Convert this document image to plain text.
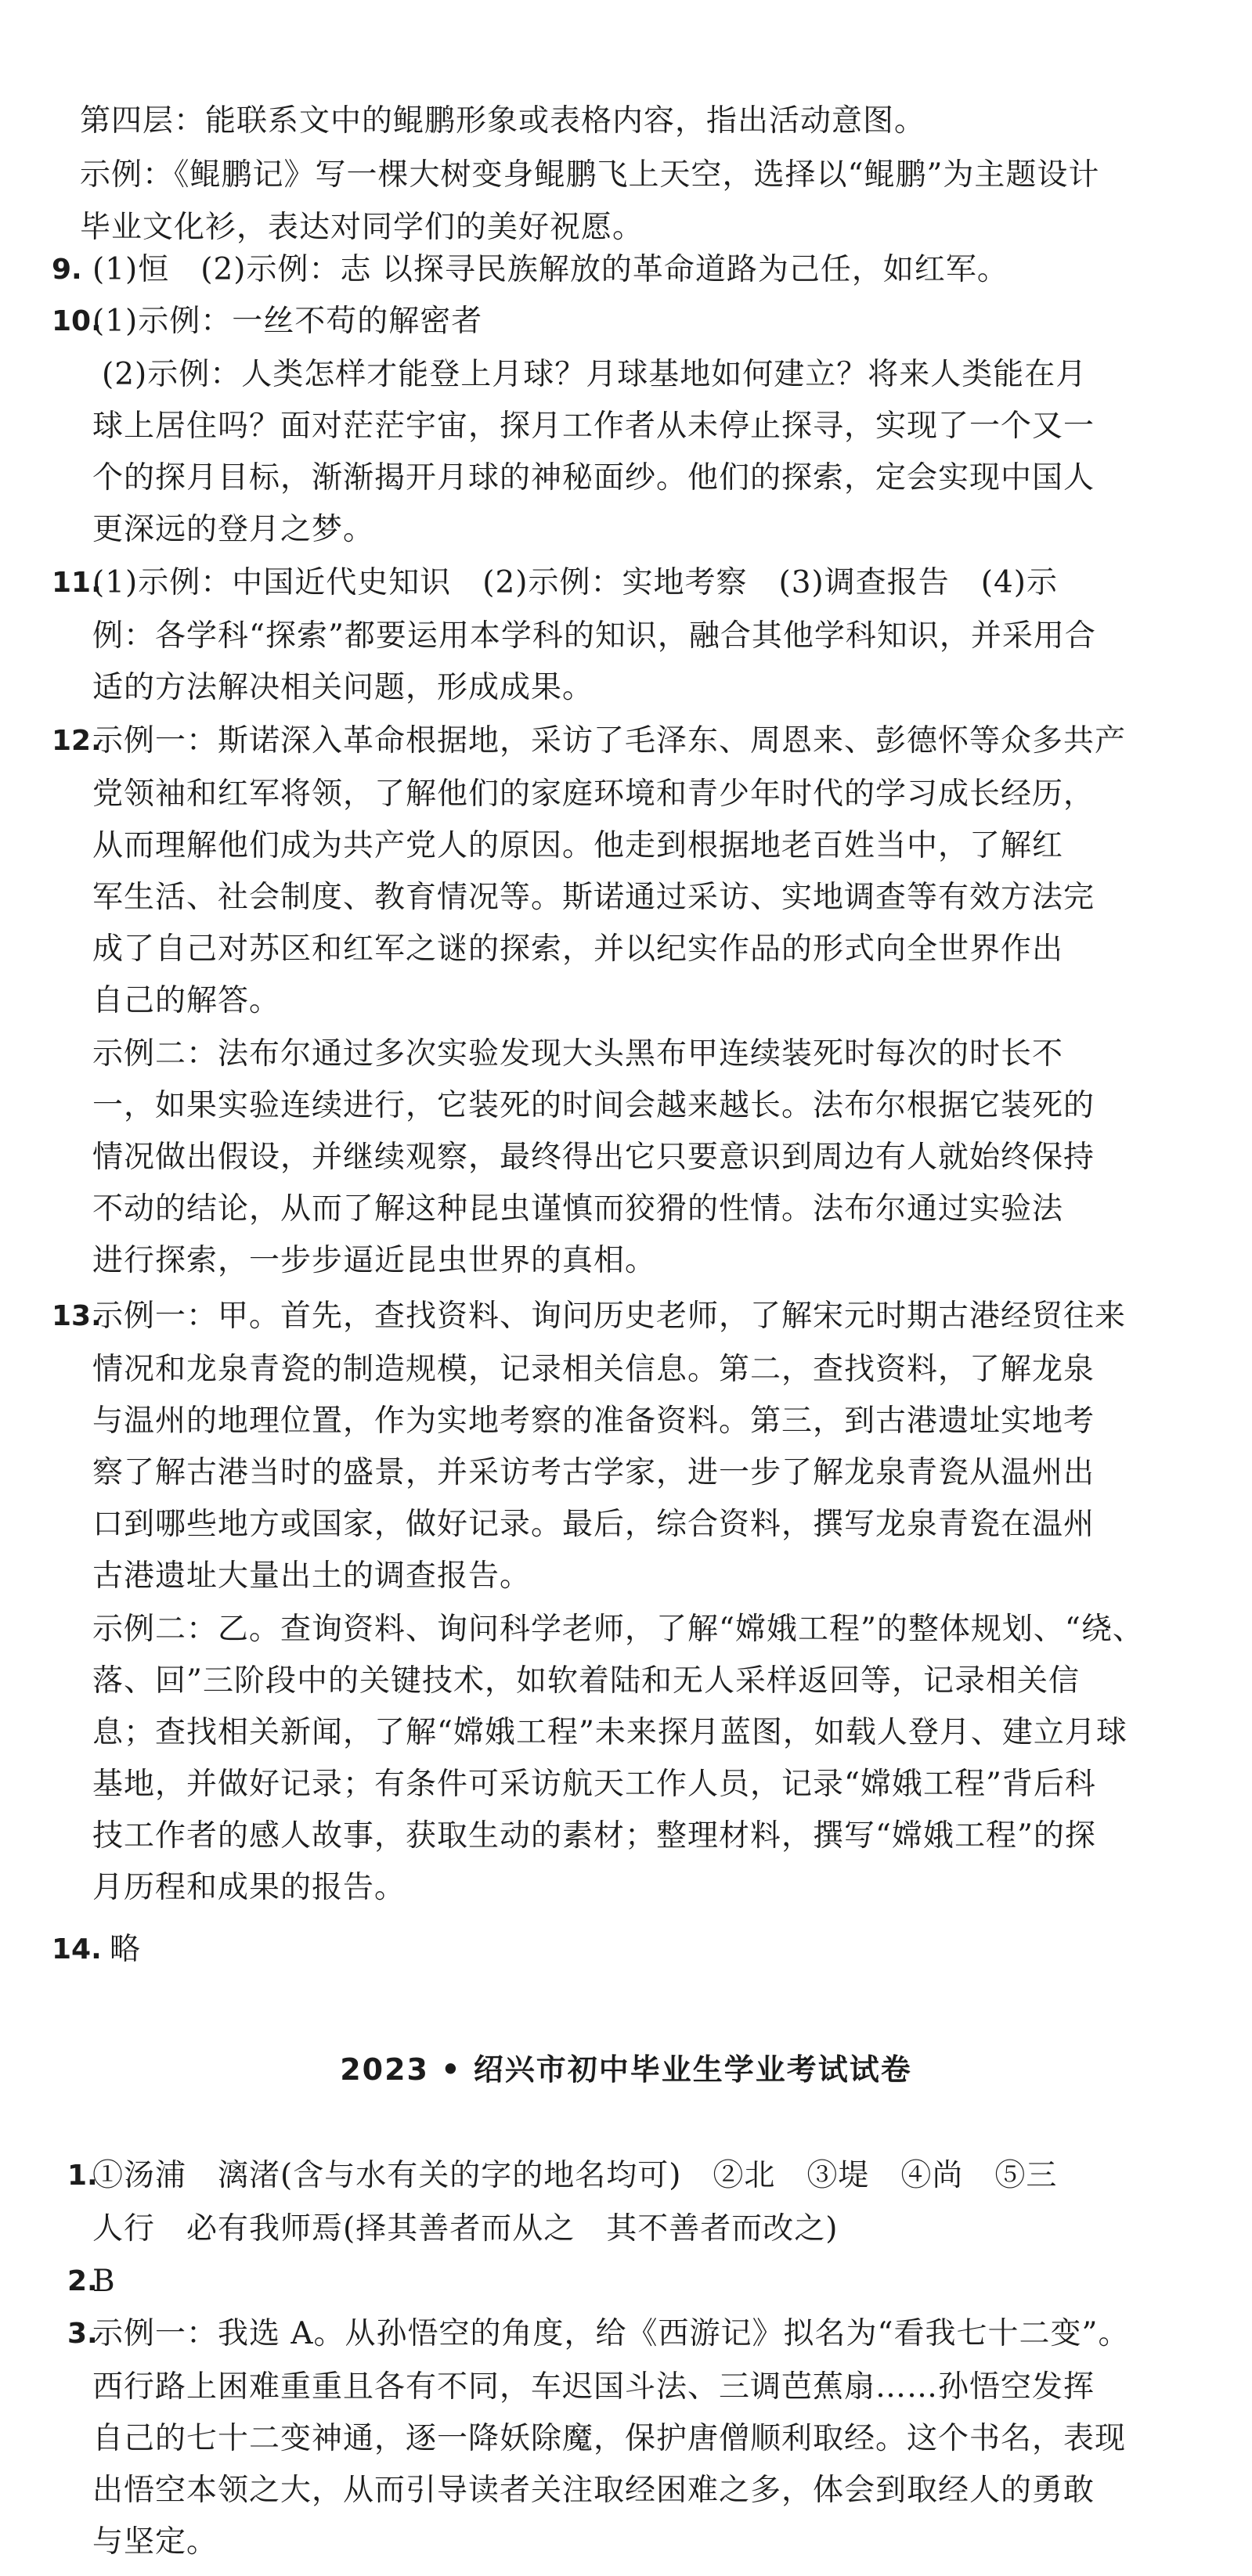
第四层：能联系文中的鲲鹏形象或表格内容，指出活动意图。
示例：《鲲鹏记》写一棵大树变身鲲鹏飞上天空，选择以“鲲鹏”为主题设计
毕业文化衫，表达对同学们的美好祝愿。
9. (1)恒　(2)示例：志 以探寻民族解放的革命道路为己任，如红军。
10.
(1)示例：一丝不苟的解密者
(2)示例：人类怎样才能登上月球？月球基地如何建立？将来人类能在月
球上居住吗？面对茫茫宇宙，探月工作者从未停止探寻，实现了一个又一
个的探月目标，渐渐揭开月球的神秘面纱。他们的探索，定会实现中国人
更深远的登月之梦。
11.
(1)示例：中国近代史知识　(2)示例：实地考察　(3)调查报告　(4)示
例：各学科“探索”都要运用本学科的知识，融合其他学科知识，并采用合
适的方法解决相关问题，形成成果。
12.
示例一：斯诺深入革命根据地，采访了毛泽东、周恩来、彭德怀等众多共产
党领袖和红军将领，了解他们的家庭环境和青少年时代的学习成长经历，
从而理解他们成为共产党人的原因。他走到根据地老百姓当中，了解红
军生活、社会制度、教育情况等。斯诺通过采访、实地调查等有效方法完
成了自己对苏区和红军之谜的探索，并以纪实作品的形式向全世界作出
自己的解答。
示例二：法布尔通过多次实验发现大头黑布甲连续装死时每次的时长不
一，如果实验连续进行，它装死的时间会越来越长。法布尔根据它装死的
情况做出假设，并继续观察，最终得出它只要意识到周边有人就始终保持
不动的结论，从而了解这种昆虫谨慎而狡猾的性情。法布尔通过实验法
进行探索，一步步逼近昆虫世界的真相。
13.
示例一：甲。首先，查找资料、询问历史老师，了解宋元时期古港经贸往来
情况和龙泉青瓷的制造规模，记录相关信息。第二，查找资料，了解龙泉
与温州的地理位置，作为实地考察的准备资料。第三，到古港遗址实地考
察了解古港当时的盛景，并采访考古学家，进一步了解龙泉青瓷从温州出
口到哪些地方或国家，做好记录。最后，综合资料，撰写龙泉青瓷在温州
古港遗址大量出土的调查报告。
示例二：乙。查询资料、询问科学老师，了解“嫦娥工程”的整体规划、“绕、
落、回”三阶段中的关键技术，如软着陆和无人采样返回等，记录相关信
息；查找相关新闻，了解“嫦娥工程”未来探月蓝图，如载人登月、建立月球
基地，并做好记录；有条件可采访航天工作人员，记录“嫦娥工程”背后科
技工作者的感人故事，获取生动的素材；整理材料，撰写“嫦娥工程”的探
月历程和成果的报告。
14. 略
2023 • 绍兴市初中毕业生学业考试试卷
1.
①汤浦　漓渚(含与水有关的字的地名均可)　②北　③堤　④尚　⑤三
人行　必有我师焉(择其善者而从之　其不善者而改之)
2.
B
3.
示例一：我选 A。从孙悟空的角度，给《西游记》拟名为“看我七十二变”。
西行路上困难重重且各有不同，车迟国斗法、三调芭蕉扇……孙悟空发挥
自己的七十二变神通，逐一降妖除魔，保护唐僧顺利取经。这个书名，表现
出悟空本领之大，从而引导读者关注取经困难之多，体会到取经人的勇敢
与坚定。
